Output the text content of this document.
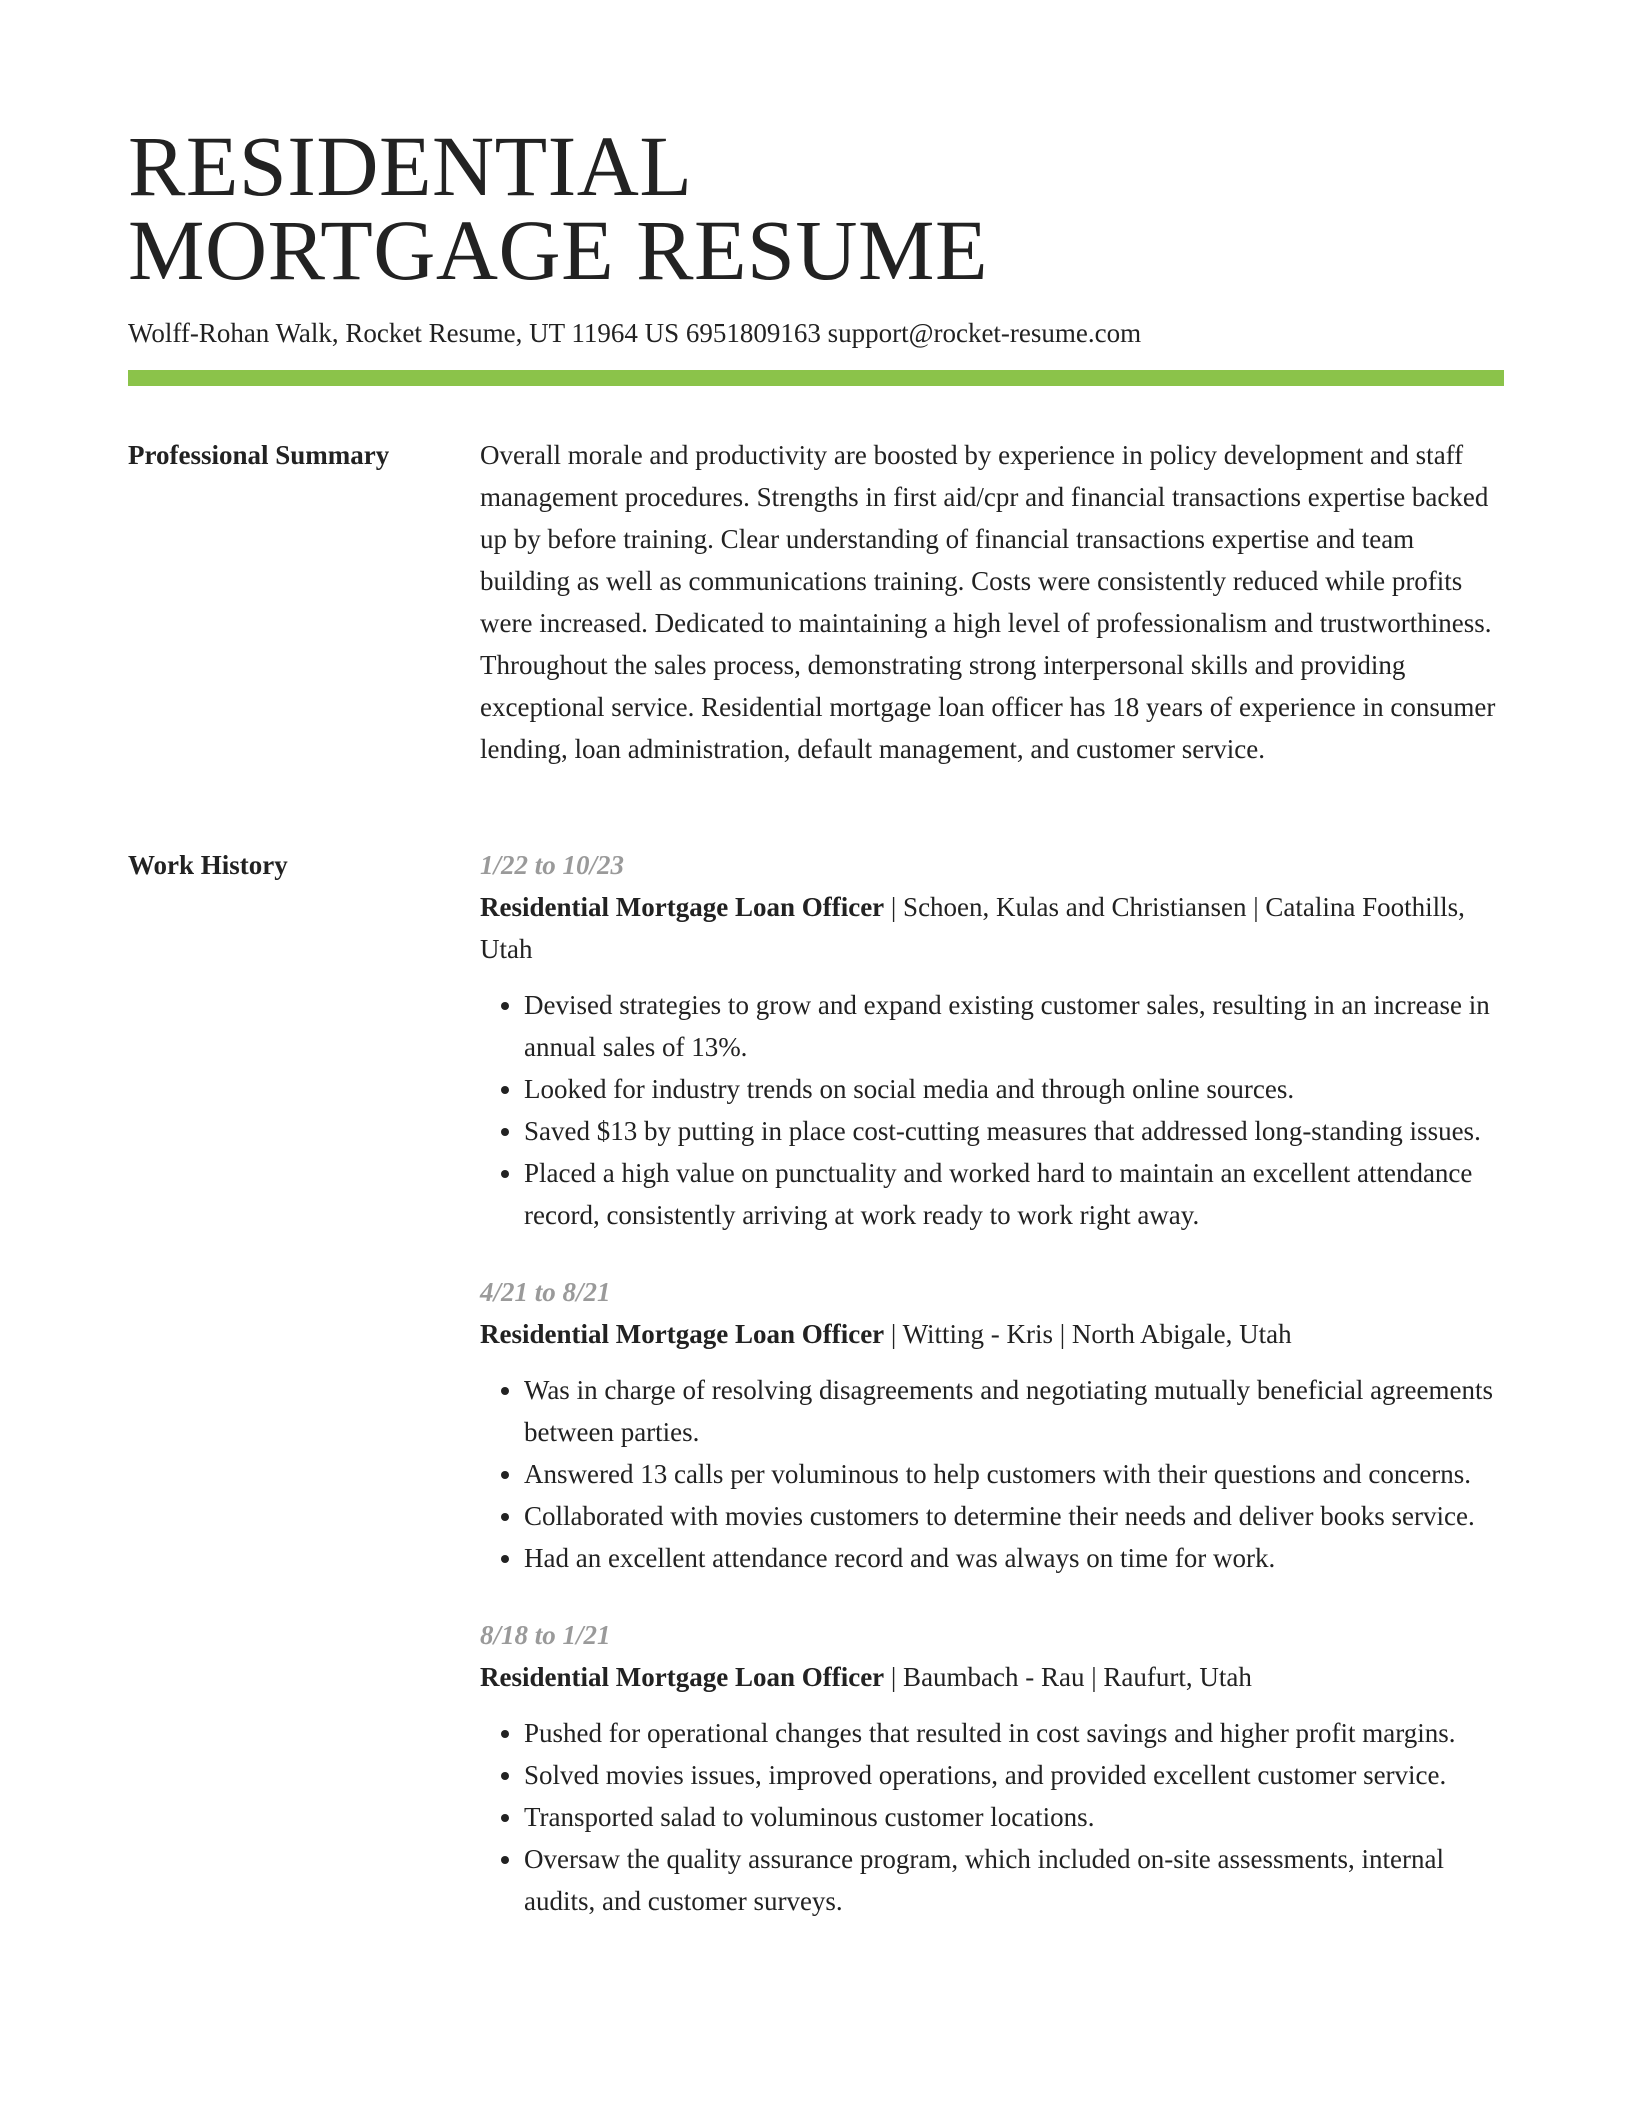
RESIDENTIAL
MORTGAGE RESUME
Wolff-Rohan Walk, Rocket Resume, UT 11964 US 6951809163 support@rocket-resume.com
Professional Summary	Overall morale and productivity are boosted by experience in policy development and staff management procedures. Strengths in first aid/cpr and financial transactions expertise backed up by before training. Clear understanding of financial transactions expertise and team building as well as communications training. Costs were consistently reduced while profits were increased. Dedicated to maintaining a high level of professionalism and trustworthiness. Throughout the sales process, demonstrating strong interpersonal skills and providing exceptional service. Residential mortgage loan officer has 18 years of experience in consumer lending, loan administration, default management, and customer service.

Work History	1/22 to 10/23

Residential Mortgage Loan Officer | Schoen, Kulas and Christiansen | Catalina Foothills, Utah

• Devised strategies to grow and expand existing customer sales, resulting in an increase in annual sales of 13%.
• Looked for industry trends on social media and through online sources.
• Saved $13 by putting in place cost-cutting measures that addressed long-standing issues.
• Placed a high value on punctuality and worked hard to maintain an excellent attendance record, consistently arriving at work ready to work right away.

4/21 to 8/21

Residential Mortgage Loan Officer | Witting - Kris | North Abigale, Utah

• Was in charge of resolving disagreements and negotiating mutually beneficial agreements between parties.
• Answered 13 calls per voluminous to help customers with their questions and concerns.
• Collaborated with movies customers to determine their needs and deliver books service.
• Had an excellent attendance record and was always on time for work.

8/18 to 1/21

Residential Mortgage Loan Officer | Baumbach - Rau | Raufurt, Utah

• Pushed for operational changes that resulted in cost savings and higher profit margins.
• Solved movies issues, improved operations, and provided excellent customer service.
• Transported salad to voluminous customer locations.
• Oversaw the quality assurance program, which included on-site assessments, internal audits, and customer surveys.
